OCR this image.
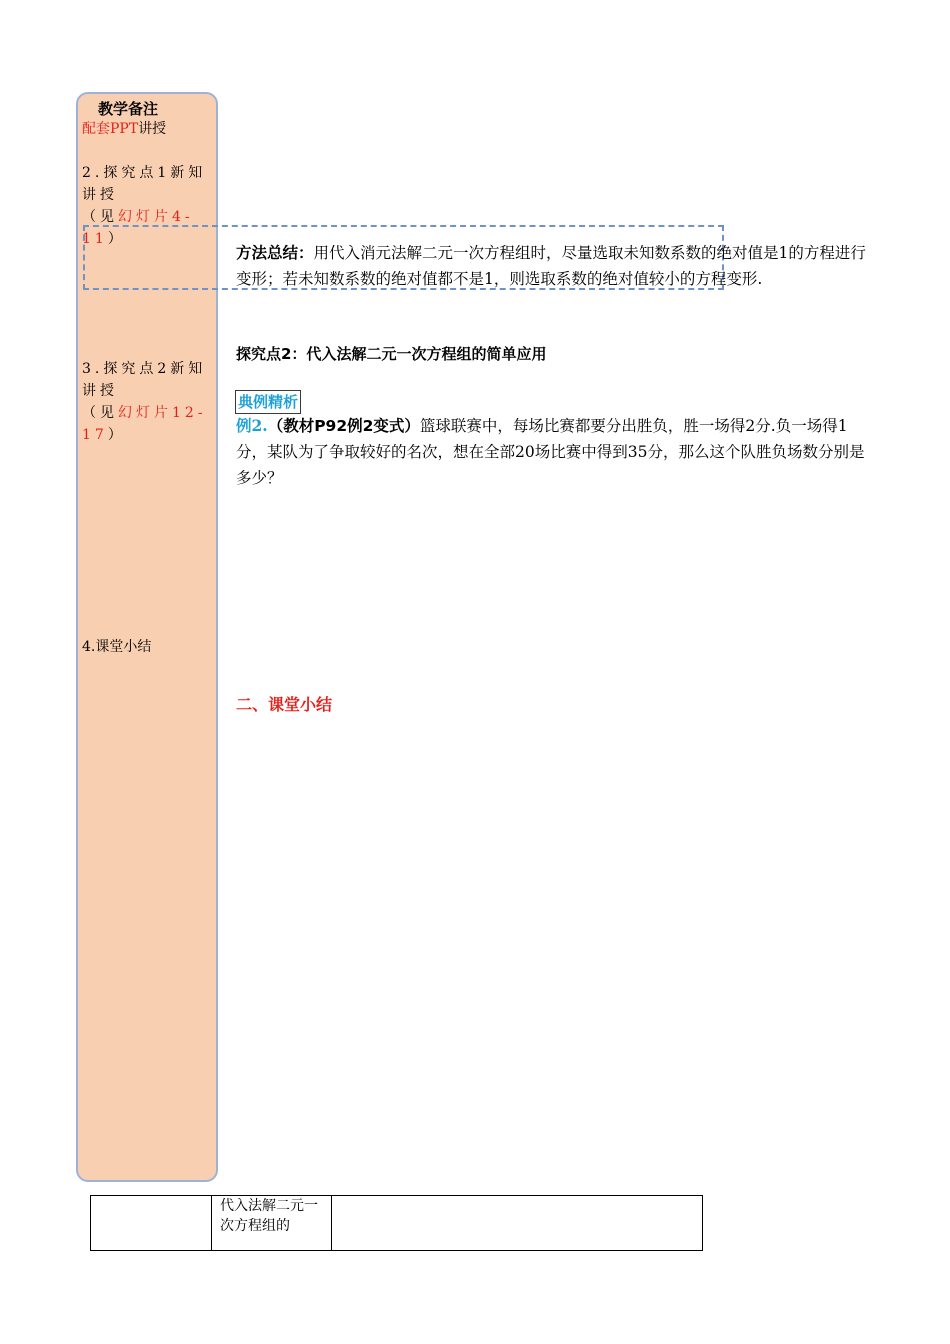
教学备注
配套PPT讲授
2.探究点1新知讲授
（见幻灯片4-11）
3.探究点2新知讲授
（见幻灯片12-17）
4.课堂小结
方法总结：用代入消元法解二元一次方程组时，尽量选取未知数系数的绝对值是1的方程进行变形；若未知数系数的绝对值都不是1，则选取系数的绝对值较小的方程变形.
探究点2：代入法解二元一次方程组的简单应用
典例精析
例2.（教材P92例2变式）篮球联赛中，每场比赛都要分出胜负，胜一场得2分.负一场得1分，某队为了争取较好的名次，想在全部20场比赛中得到35分，那么这个队胜负场数分别是多少？
二、课堂小结
	代入法解二元一次方程组的	
